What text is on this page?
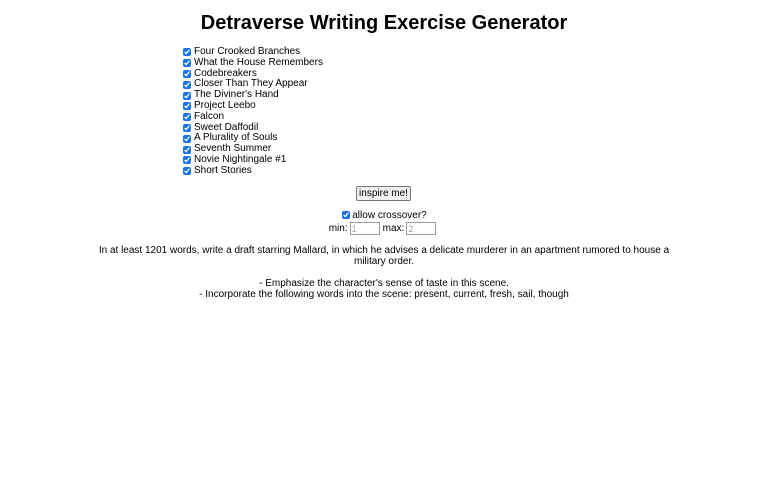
Detraverse Writing Exercise Generator
Four Crooked Branches
What the House Remembers
Codebreakers
Closer Than They Appear
The Diviner's Hand
Project Leebo
Falcon
Sweet Daffodil
A Plurality of Souls
Seventh Summer
Novie Nightingale #1
Short Stories
inspire me!
allow crossover?
min:
1	max:
2

In at least 1201 words, write a draft starring Mallard, in which he advises a delicate murderer in an apartment rumored to house a military order.

- Emphasize the character's sense of taste in this scene.
- Incorporate the following words into the scene: present, current, fresh, sail, though
